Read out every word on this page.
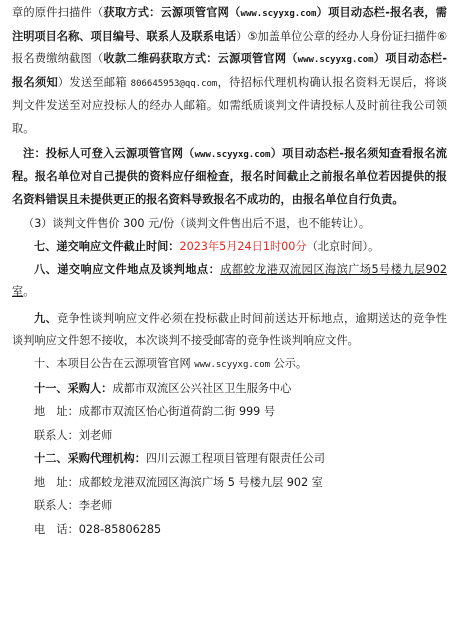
章的原件扫描件（获取方式：云源项管官网（www.scyyxg.com）项目动态栏-报名表，需注明项目名称、项目编号、联系人及联系电话）⑤加盖单位公章的经办人身份证扫描件⑥报名费缴纳截图（收款二维码获取方式：云源项管官网（www.scyyxg.com）项目动态栏-报名须知）发送至邮箱 806645953@qq.com，待招标代理机构确认报名资料无误后，将谈判文件发送至对应投标人的经办人邮箱。如需纸质谈判文件请投标人及时前往我公司领取。

注：投标人可登入云源项管官网（www.scyyxg.com）项目动态栏-报名须知查看报名流程。报名单位对自己提供的资料应仔细检查，报名时间截止之前报名单位若因提供的报名资料错误且未提供更正的报名资料导致报名不成功的，由报名单位自行负责。

（3）谈判文件售价 300 元/份（谈判文件售出后不退，也不能转让）。

七、递交响应文件截止时间：2023年5月24日1时00分（北京时间）。

八、递交响应文件地点及谈判地点：成都蛟龙港双流园区海滨广场5号楼九层902室。

九、竞争性谈判响应文件必须在投标截止时间前送达开标地点，逾期送达的竞争性谈判响应文件恕不接收，本次谈判不接受邮寄的竞争性谈判响应文件。

十、本项目公告在云源项管官网 www.scyyxg.com 公示。

十一、采购人：成都市双流区公兴社区卫生服务中心

地　址：成都市双流区怡心街道荷韵二街 999 号

联系人：刘老师

十二、采购代理机构：四川云源工程项目管理有限责任公司

地　址：成都蛟龙港双流园区海滨广场 5 号楼九层 902 室

联系人：李老师

电　话：028-85806285
